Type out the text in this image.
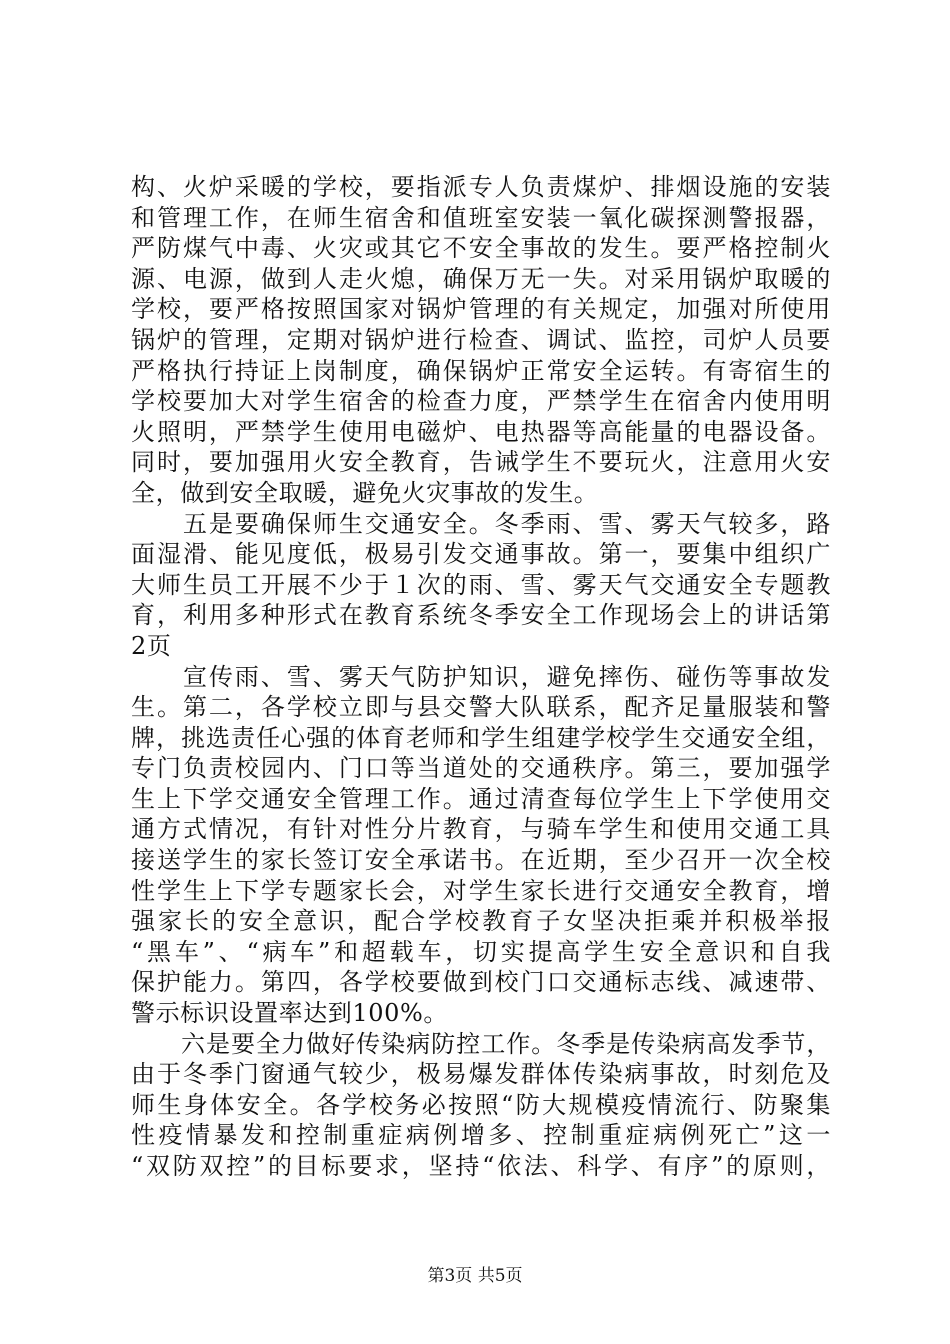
构、火炉采暖的学校，要指派专人负责煤炉、排烟设施的安装
和管理工作，在师生宿舍和值班室安装一氧化碳探测警报器，
严防煤气中毒、火灾或其它不安全事故的发生。要严格控制火
源、电源，做到人走火熄，确保万无一失。对采用锅炉取暖的
学校，要严格按照国家对锅炉管理的有关规定，加强对所使用
锅炉的管理，定期对锅炉进行检查、调试、监控，司炉人员要
严格执行持证上岗制度，确保锅炉正常安全运转。有寄宿生的
学校要加大对学生宿舍的检查力度，严禁学生在宿舍内使用明
火照明，严禁学生使用电磁炉、电热器等高能量的电器设备。
同时，要加强用火安全教育，告诫学生不要玩火，注意用火安
全，做到安全取暖，避免火灾事故的发生。
　　五是要确保师生交通安全。冬季雨、雪、雾天气较多，路
面湿滑、能见度低，极易引发交通事故。第一，要集中组织广
大师生员工开展不少于１次的雨、雪、雾天气交通安全专题教
育，利用多种形式在教育系统冬季安全工作现场会上的讲话第
2页
　　宣传雨、雪、雾天气防护知识，避免摔伤、碰伤等事故发
生。第二，各学校立即与县交警大队联系，配齐足量服装和警
牌，挑选责任心强的体育老师和学生组建学校学生交通安全组，
专门负责校园内、门口等当道处的交通秩序。第三，要加强学
生上下学交通安全管理工作。通过清查每位学生上下学使用交
通方式情况，有针对性分片教育，与骑车学生和使用交通工具
接送学生的家长签订安全承诺书。在近期，至少召开一次全校
性学生上下学专题家长会，对学生家长进行交通安全教育，增
强家长的安全意识，配合学校教育子女坚决拒乘并积极举报
“黑车”、“病车”和超载车，切实提高学生安全意识和自我
保护能力。第四，各学校要做到校门口交通标志线、减速带、
警示标识设置率达到100%。
　　六是要全力做好传染病防控工作。冬季是传染病高发季节，
由于冬季门窗通气较少，极易爆发群体传染病事故，时刻危及
师生身体安全。各学校务必按照“防大规模疫情流行、防聚集
性疫情暴发和控制重症病例增多、控制重症病例死亡”这一
“双防双控”的目标要求，坚持“依法、科学、有序”的原则，
第3页 共5页
